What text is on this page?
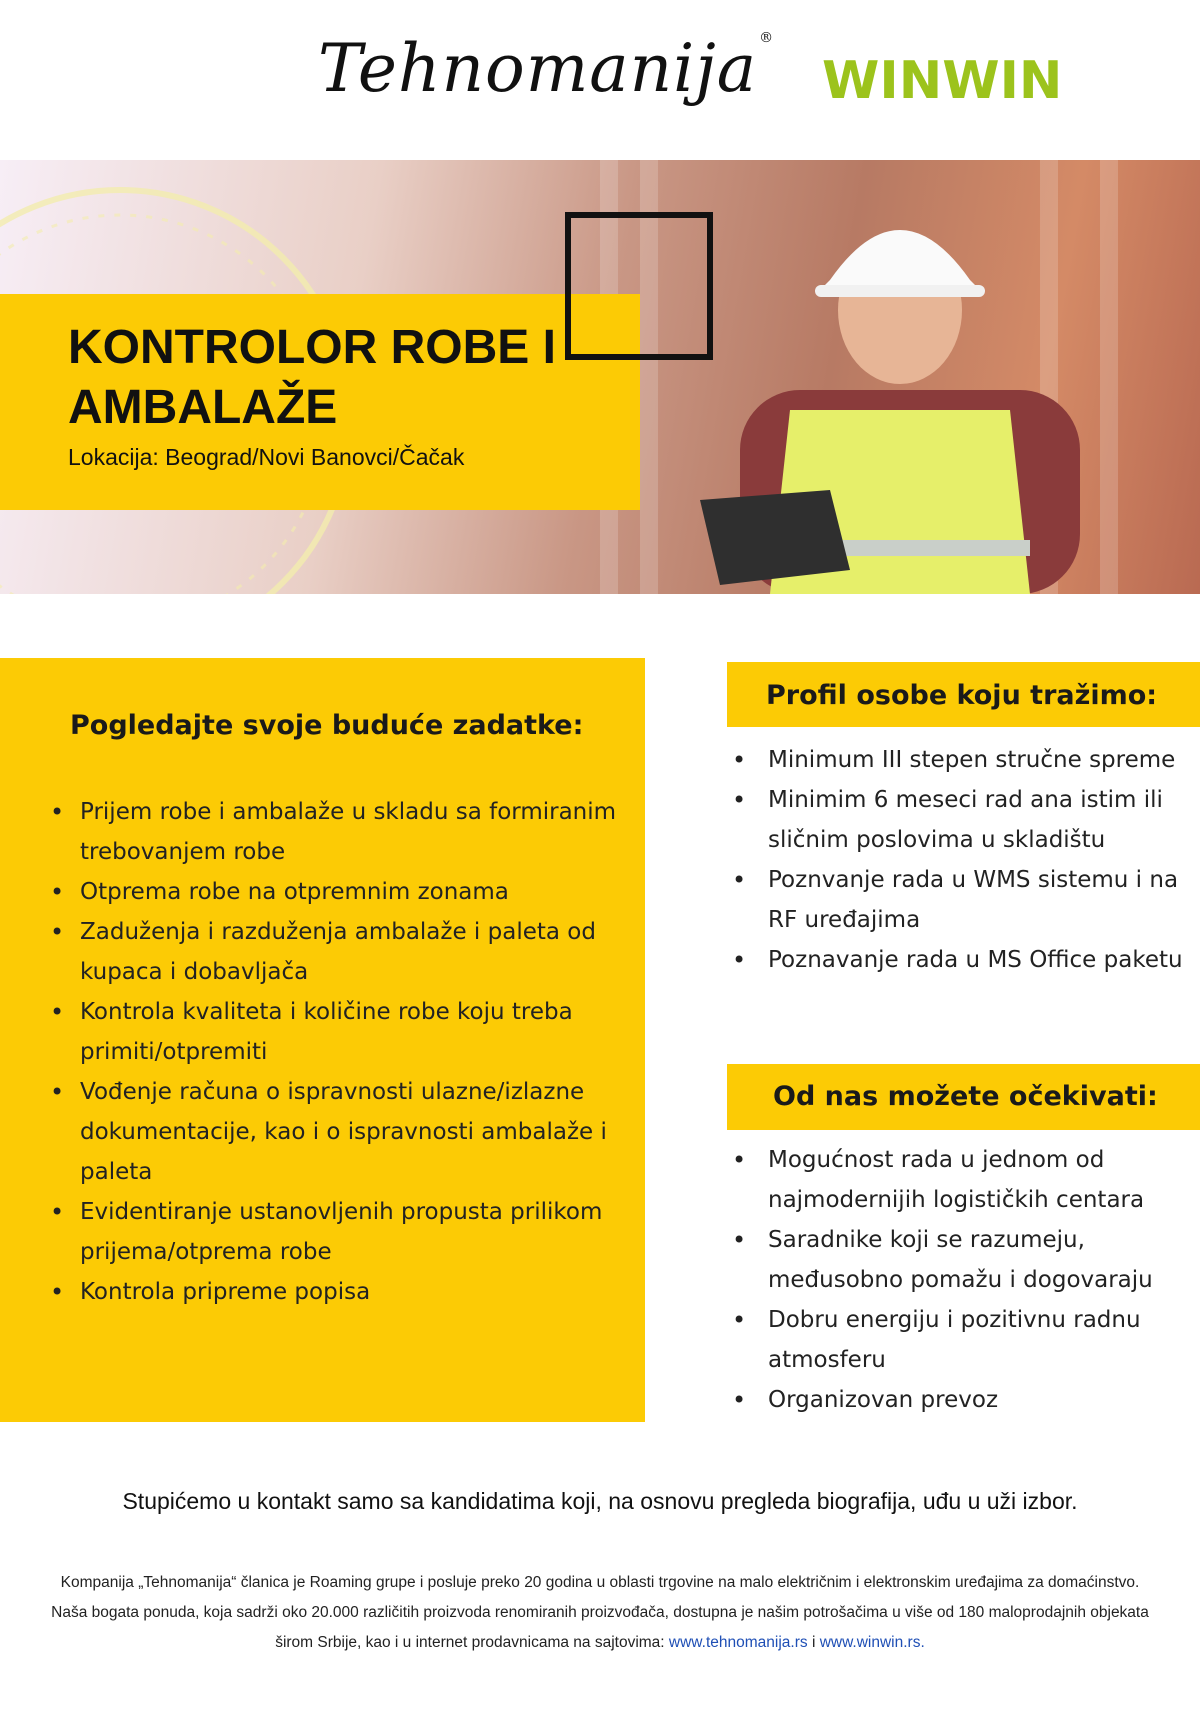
Tehnomanija ®
WINWIN
KONTROLOR ROBE I AMBALAŽE
Lokacija: Beograd/Novi Banovci/Čačak
Pogledajte svoje buduće zadatke:
• Prijem robe i ambalaže u skladu sa formiranim trebovanjem robe
• Otprema robe na otpremnim zonama
• Zaduženja i razduženja ambalaže i paleta od kupaca i dobavljača
• Kontrola kvaliteta i količine robe koju treba primiti/otpremiti
• Vođenje računa o ispravnosti ulazne/izlazne dokumentacije, kao i o ispravnosti ambalaže i paleta
• Evidentiranje ustanovljenih propusta prilikom prijema/otprema robe
• Kontrola pripreme popisa
Profil osobe koju tražimo:
• Minimum III stepen stručne spreme
• Minimim 6 meseci rad ana istim ili sličnim poslovima u skladištu
• Poznvanje rada u WMS sistemu i na RF uređajima
• Poznavanje rada u MS Office paketu
Od nas možete očekivati:
• Mogućnost rada u jednom od najmodernijih logističkih centara
• Saradnike koji se razumeju, međusobno pomažu i dogovaraju
• Dobru energiju i pozitivnu radnu atmosferu
• Organizovan prevoz
Stupićemo u kontakt samo sa kandidatima koji, na osnovu pregleda biografija, uđu u uži izbor.
Kompanija „Tehnomanija“ članica je Roaming grupe i posluje preko 20 godina u oblasti trgovine na malo električnim i elektronskim uređajima za domaćinstvo. Naša bogata ponuda, koja sadrži oko 20.000 različitih proizvoda renomiranih proizvođača, dostupna je našim potrošačima u više od 180 maloprodajnih objekata širom Srbije, kao i u internet prodavnicama na sajtovima: www.tehnomanija.rs i www.winwin.rs.
